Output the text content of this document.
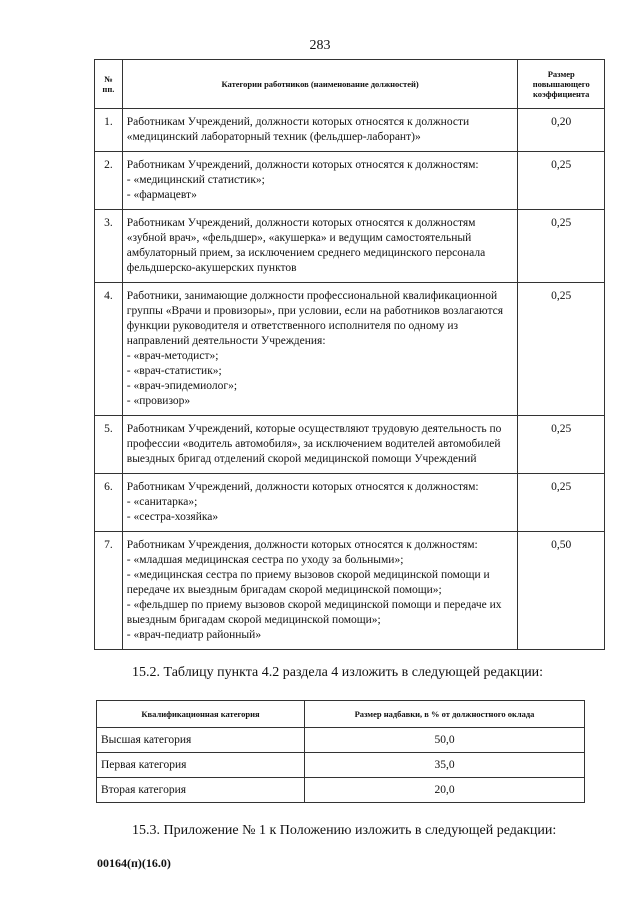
283
№
пп.	Категории работников (наименование должностей)	Размер
повышающего
коэффициента
1.	Работникам Учреждений, должности которых относятся к должности «медицинский лабораторный техник (фельдшер-лаборант)»	0,20
2.	Работникам Учреждений, должности которых относятся к должностям:
- «медицинский статистик»;
- «фармацевт»	0,25
3.	Работникам Учреждений, должности которых относятся к должностям «зубной врач», «фельдшер», «акушерка» и ведущим самостоятельный амбулаторный прием, за исключением среднего медицинского персонала фельдшерско-акушерских пунктов	0,25
4.	Работники, занимающие должности профессиональной квалификационной группы «Врачи и провизоры», при условии, если на работников возлагаются функции руководителя и ответственного исполнителя по одному из направлений деятельности Учреждения:
- «врач-методист»;
- «врач-статистик»;
- «врач-эпидемиолог»;
- «провизор»	0,25
5.	Работникам Учреждений, которые осуществляют трудовую деятельность по профессии «водитель автомобиля», за исключением водителей автомобилей выездных бригад отделений скорой медицинской помощи Учреждений	0,25
6.	Работникам Учреждений, должности которых относятся к должностям:
- «санитарка»;
- «сестра-хозяйка»	0,25
7.	Работникам Учреждения, должности которых относятся к должностям:
- «младшая медицинская сестра по уходу за больными»;
- «медицинская сестра по приему вызовов скорой медицинской помощи и передаче их выездным бригадам скорой медицинской помощи»;
- «фельдшер по приему вызовов скорой медицинской помощи и передаче их выездным бригадам скорой медицинской помощи»;
- «врач-педиатр районный»	0,50
15.2. Таблицу пункта 4.2 раздела 4 изложить в следующей редакции:
Квалификационная категория	Размер надбавки, в % от должностного оклада
Высшая категория	50,0
Первая категория	35,0
Вторая категория	20,0
15.3. Приложение № 1 к Положению изложить в следующей редакции:
00164(п)(16.0)
